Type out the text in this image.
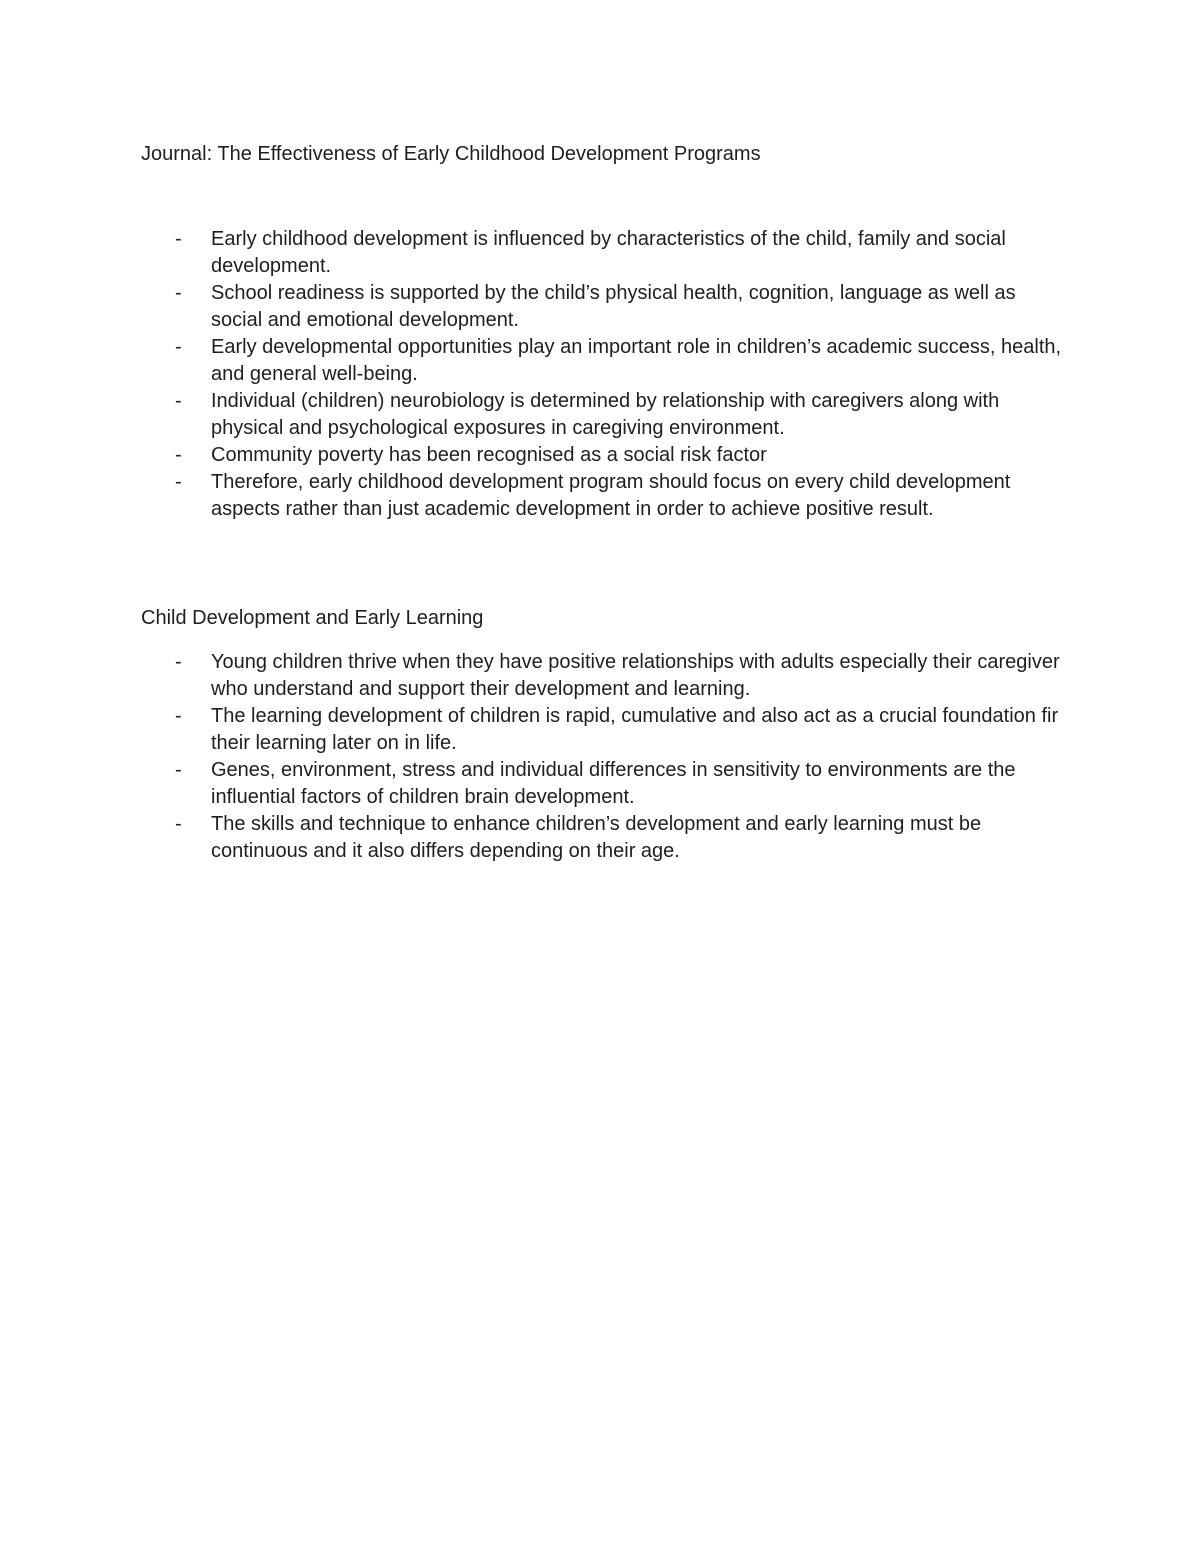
Journal: The Effectiveness of Early Childhood Development Programs

-	Early childhood development is influenced by characteristics of the child, family and social development.
-	School readiness is supported by the child’s physical health, cognition, language as well as social and emotional development.
-	Early developmental opportunities play an important role in children’s academic success, health, and general well-being.
-	Individual (children) neurobiology is determined by relationship with caregivers along with physical and psychological exposures in caregiving environment.
-	Community poverty has been recognised as a social risk factor
-	Therefore, early childhood development program should focus on every child development aspects rather than just academic development in order to achieve positive result.

Child Development and Early Learning

-	Young children thrive when they have positive relationships with adults especially their caregiver who understand and support their development and learning.
-	The learning development of children is rapid, cumulative and also act as a crucial foundation fir their learning later on in life.
-	Genes, environment, stress and individual differences in sensitivity to environments are the influential factors of children brain development.
-	The skills and technique to enhance children’s development and early learning must be continuous and it also differs depending on their age.
